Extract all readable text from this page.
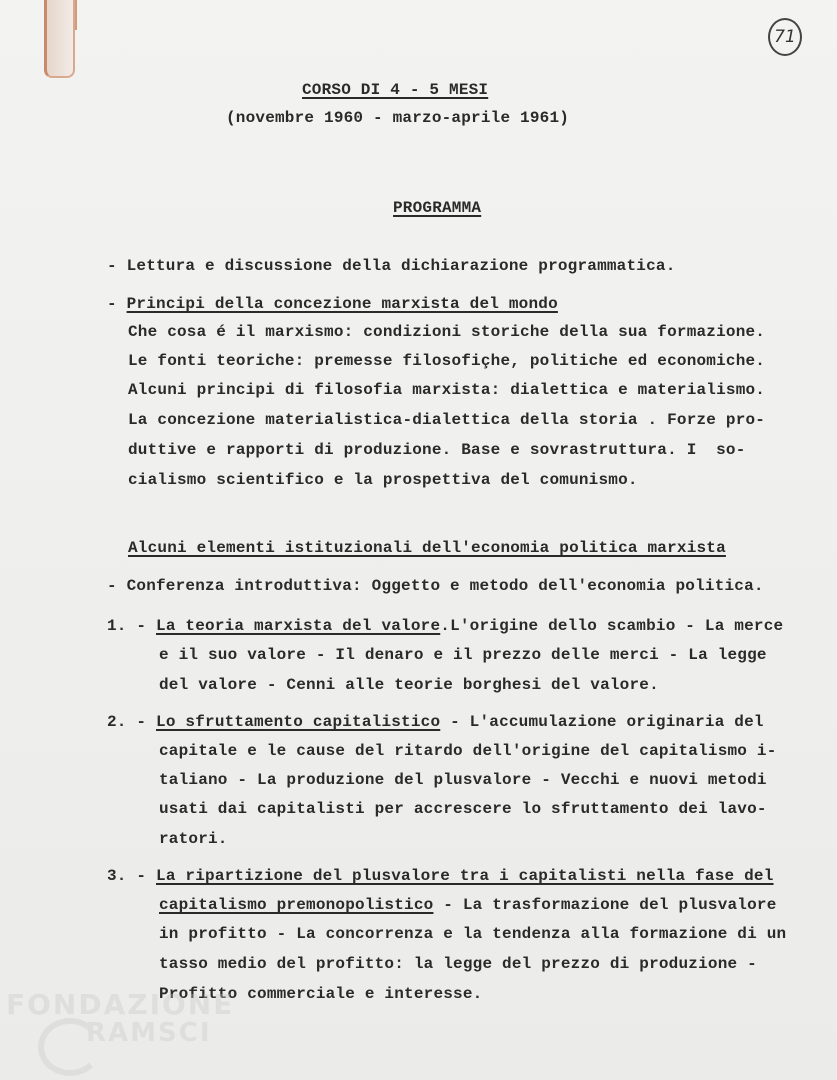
71
CORSO DI 4 - 5 MESI
(novembre 1960 - marzo-aprile 1961)
PROGRAMMA
- Lettura e discussione della dichiarazione programmatica.
- Principi della concezione marxista del mondo
Che cosa é il marxismo: condizioni storiche della sua formazione.
Le fonti teoriche: premesse filosofiçhe, politiche ed economiche.
Alcuni principi di filosofia marxista: dialettica e materialismo.
La concezione materialistica-dialettica della storia . Forze pro-
duttive e rapporti di produzione. Base e sovrastruttura. I  so-
cialismo scientifico e la prospettiva del comunismo.
Alcuni elementi istituzionali dell'economia politica marxista
- Conferenza introduttiva: Oggetto e metodo dell'economia politica.
1. - La teoria marxista del valore.L'origine dello scambio - La merce
e il suo valore - Il denaro e il prezzo delle merci - La legge
del valore - Cenni alle teorie borghesi del valore.
2. - Lo sfruttamento capitalistico - L'accumulazione originaria del
capitale e le cause del ritardo dell'origine del capitalismo i-
taliano - La produzione del plusvalore - Vecchi e nuovi metodi
usati dai capitalisti per accrescere lo sfruttamento dei lavo-
ratori.
3. - La ripartizione del plusvalore tra i capitalisti nella fase del
capitalismo premonopolistico - La trasformazione del plusvalore
in profitto - La concorrenza e la tendenza alla formazione di un
tasso medio del profitto: la legge del prezzo di produzione -
Profitto commerciale e interesse.
FONDAZIONE
RAMSCI
